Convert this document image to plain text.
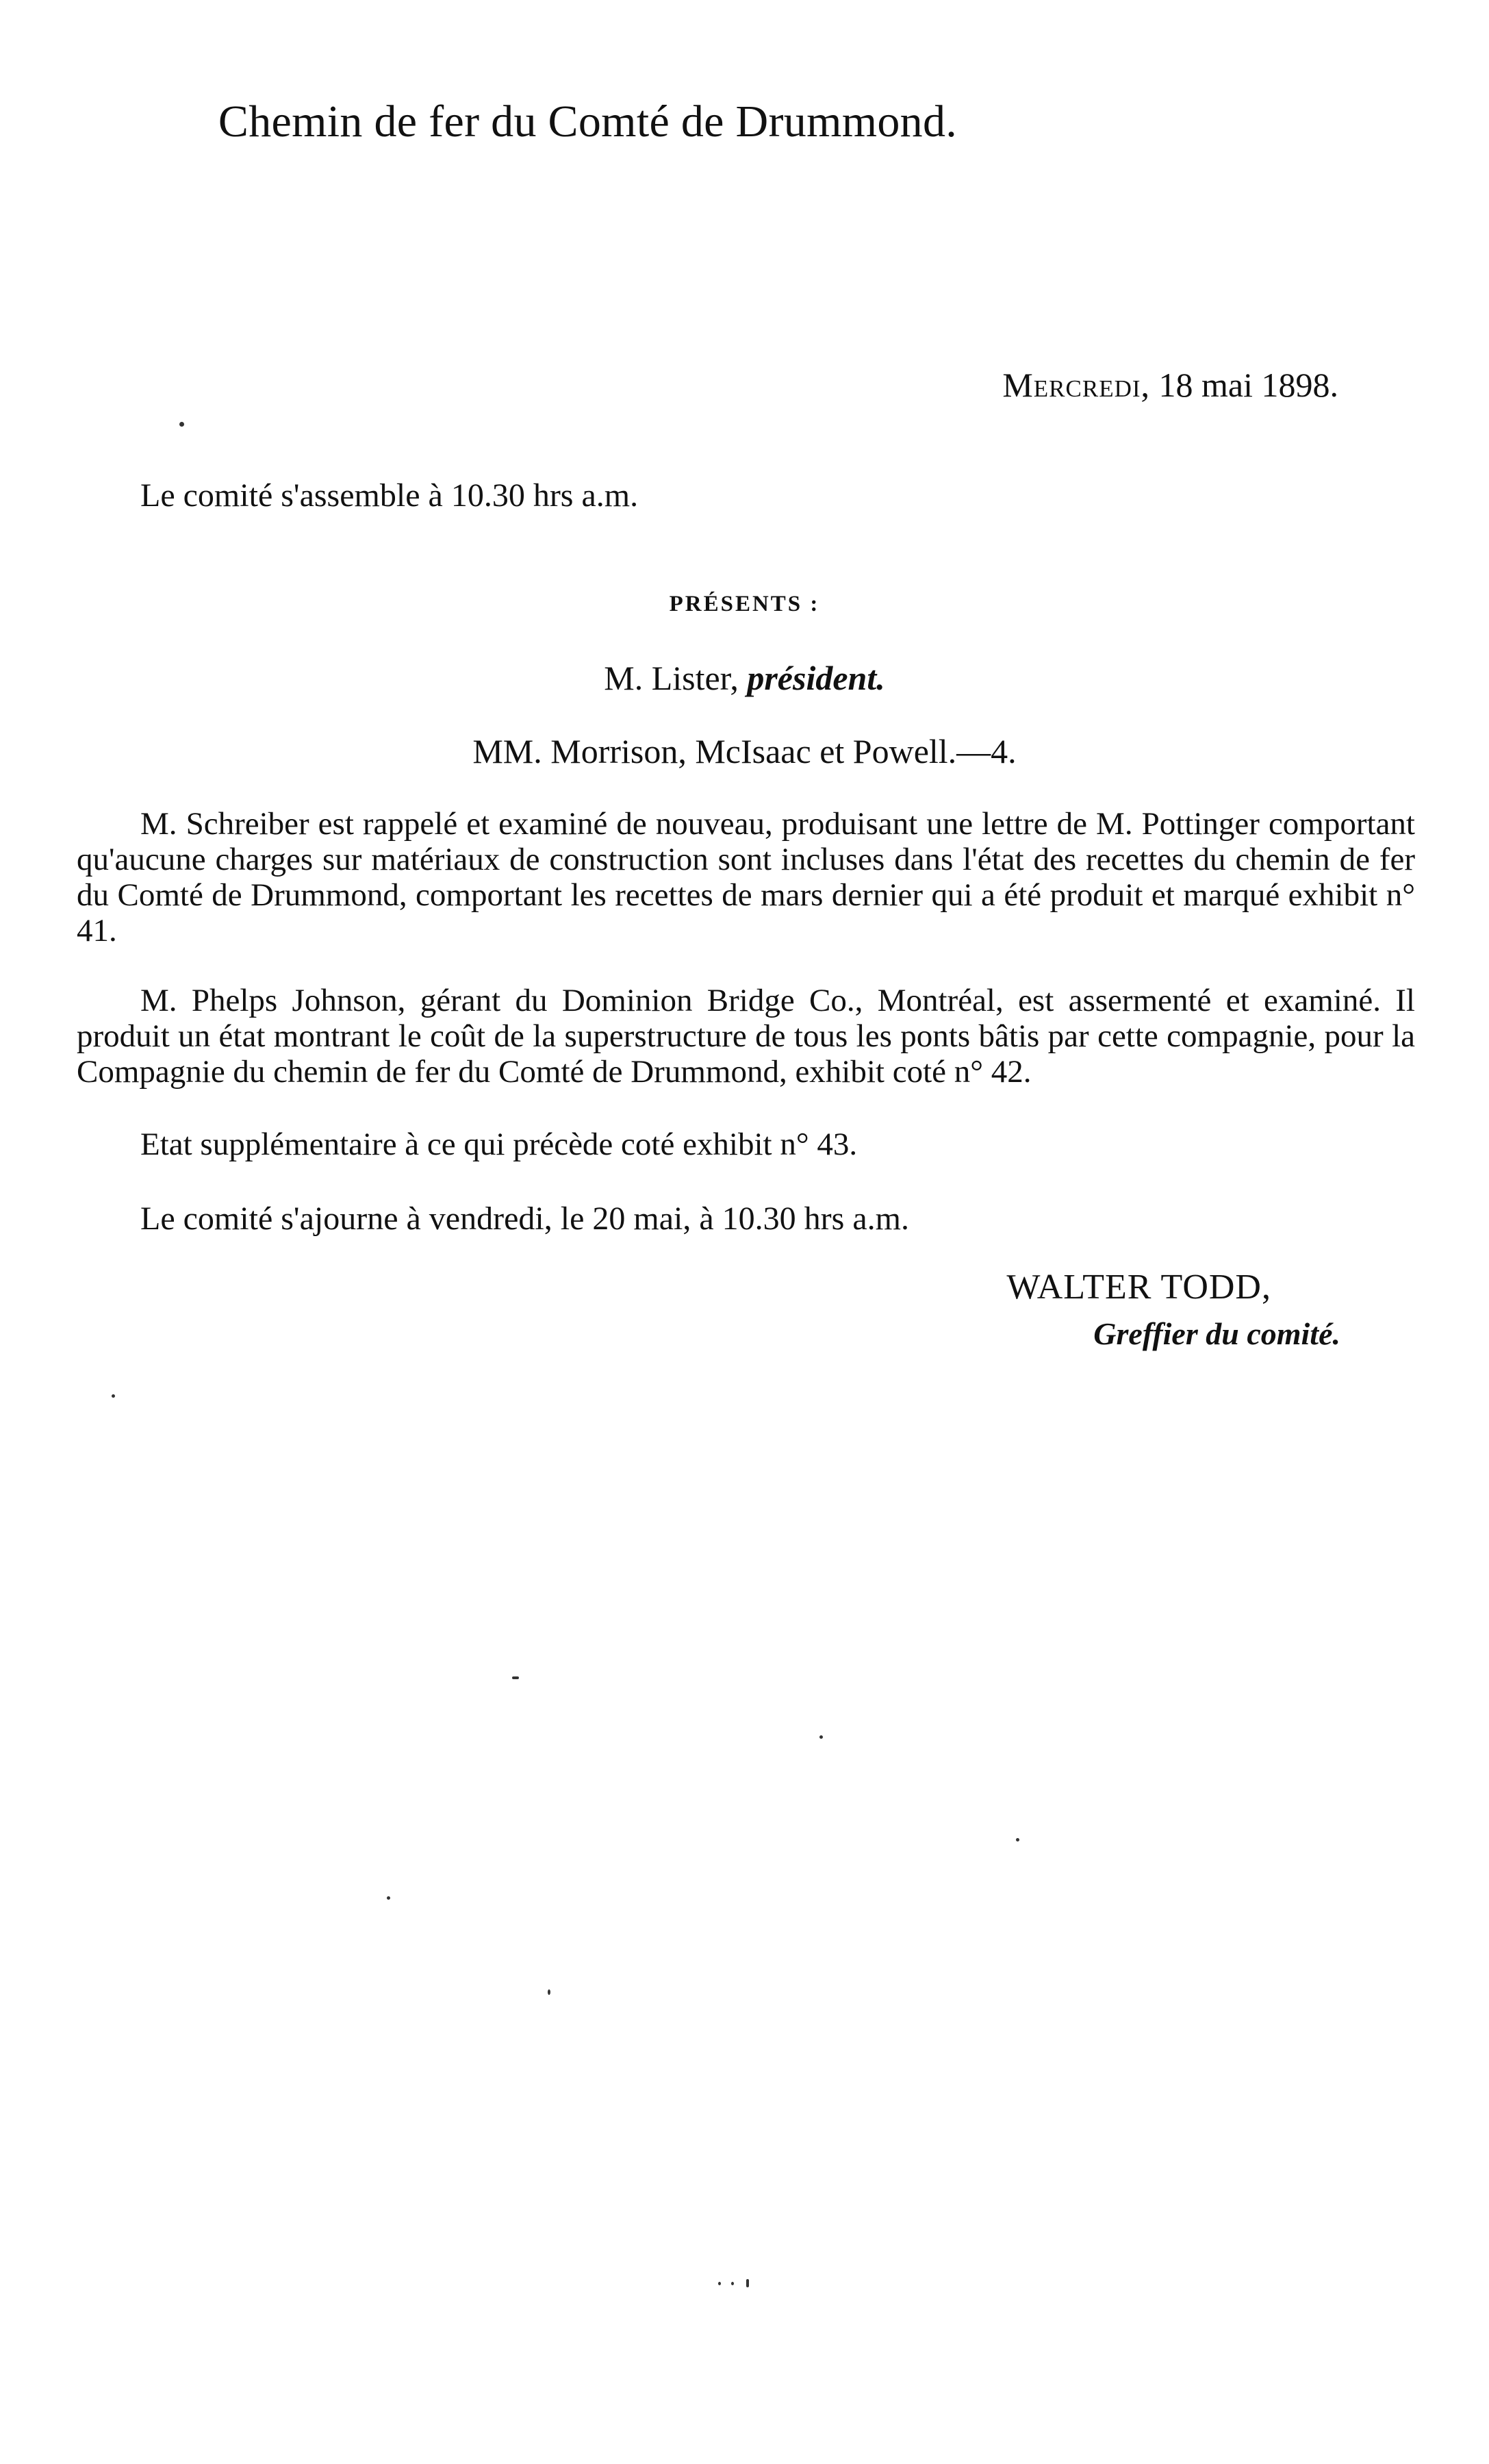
Chemin de fer du Comté de Drummond.
Mercredi, 18 mai 1898.
Le comité s'assemble à 10.30 hrs a.m.
PRÉSENTS :
M. Lister, président.
MM. Morrison, McIsaac et Powell.—4.

M. Schreiber est rappelé et examiné de nouveau, produisant une lettre de M. Pottinger comportant qu'aucune charges sur matériaux de construction sont incluses dans l'état des recettes du chemin de fer du Comté de Drummond, comportant les recettes de mars dernier qui a été produit et marqué exhibit n° 41.

M. Phelps Johnson, gérant du Dominion Bridge Co., Montréal, est assermenté et examiné. Il produit un état montrant le coût de la superstructure de tous les ponts bâtis par cette compagnie, pour la Compagnie du chemin de fer du Comté de Drummond, exhibit coté n° 42.

Etat supplémentaire à ce qui précède coté exhibit n° 43.
Le comité s'ajourne à vendredi, le 20 mai, à 10.30 hrs a.m.
WALTER TODD,
Greffier du comité.
